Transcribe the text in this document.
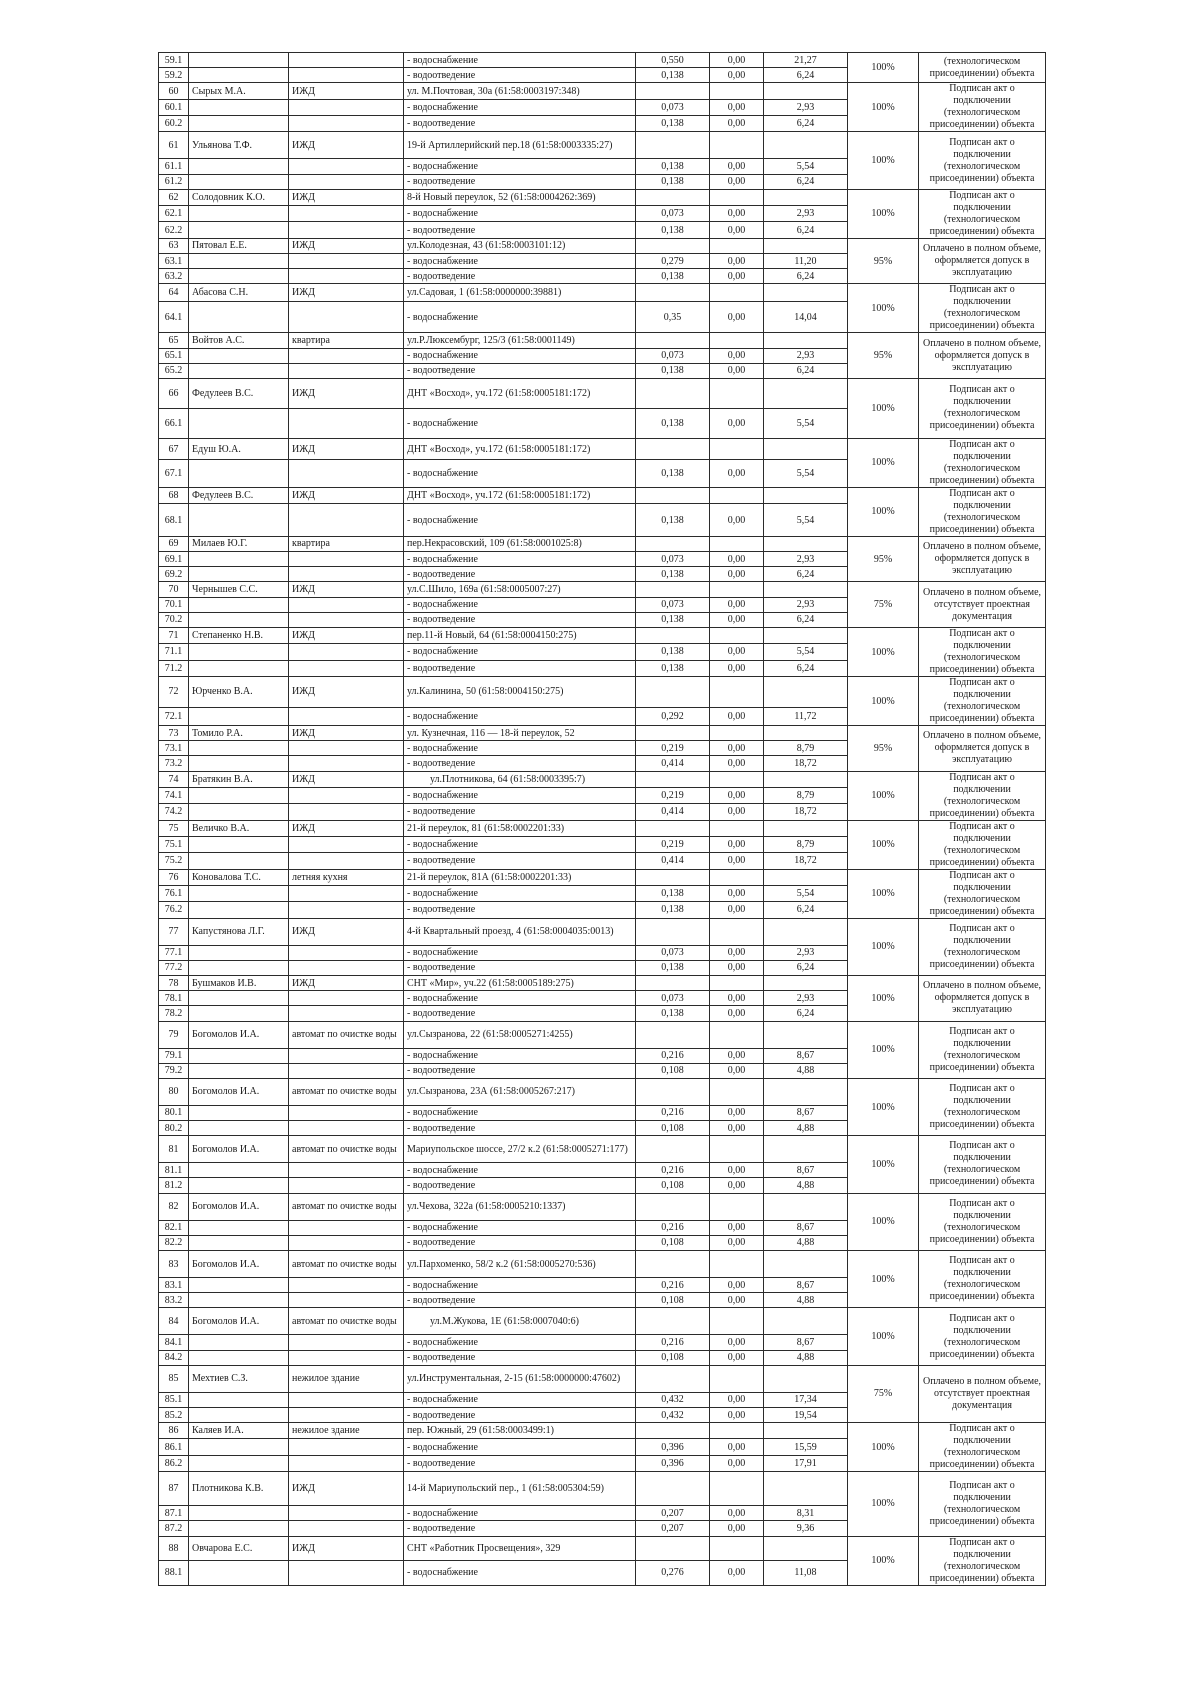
59.1			- водоснабжение	0,550	0,00	21,27	100%	(технологическом присоединении) объекта
59.2			- водоотведение	0,138	0,00	6,24		
60	Сырых М.А.	ИЖД	ул. М.Почтовая, 30а (61:58:0003197:348)				100%	Подписан акт о подключении (технологическом присоединении) объекта
60.1			- водоснабжение	0,073	0,00	2,93		
60.2			- водоотведение	0,138	0,00	6,24		
61	Ульянова Т.Ф.	ИЖД	19-й Артиллерийский пер.18 (61:58:0003335:27)				100%	Подписан акт о подключении (технологическом присоединении) объекта
61.1			- водоснабжение	0,138	0,00	5,54		
61.2			- водоотведение	0,138	0,00	6,24		
62	Солодовник К.О.	ИЖД	8-й Новый переулок, 52 (61:58:0004262:369)				100%	Подписан акт о подключении (технологическом присоединении) объекта
62.1			- водоснабжение	0,073	0,00	2,93		
62.2			- водоотведение	0,138	0,00	6,24		
63	Пятовал Е.Е.	ИЖД	ул.Колодезная, 43 (61:58:0003101:12)				95%	Оплачено в полном объеме, оформляется допуск в эксплуатацию
63.1			- водоснабжение	0,279	0,00	11,20		
63.2			- водоотведение	0,138	0,00	6,24		
64	Абасова С.Н.	ИЖД	ул.Садовая, 1 (61:58:0000000:39881)				100%	Подписан акт о подключении (технологическом присоединении) объекта
64.1			- водоснабжение	0,35	0,00	14,04		
65	Войтов А.С.	квартира	ул.Р.Люксембург, 125/3 (61:58:0001149)				95%	Оплачено в полном объеме, оформляется допуск в эксплуатацию
65.1			- водоснабжение	0,073	0,00	2,93		
65.2			- водоотведение	0,138	0,00	6,24		
66	Федулеев В.С.	ИЖД	ДНТ «Восход», уч.172 (61:58:0005181:172)				100%	Подписан акт о подключении (технологическом присоединении) объекта
66.1			- водоснабжение	0,138	0,00	5,54		
67	Едуш Ю.А.	ИЖД	ДНТ «Восход», уч.172 (61:58:0005181:172)				100%	Подписан акт о подключении (технологическом присоединении) объекта
67.1			- водоснабжение	0,138	0,00	5,54		
68	Федулеев В.С.	ИЖД	ДНТ «Восход», уч.172 (61:58:0005181:172)				100%	Подписан акт о подключении (технологическом присоединении) объекта
68.1			- водоснабжение	0,138	0,00	5,54		
69	Милаев Ю.Г.	квартира	пер.Некрасовский, 109 (61:58:0001025:8)				95%	Оплачено в полном объеме, оформляется допуск в эксплуатацию
69.1			- водоснабжение	0,073	0,00	2,93		
69.2			- водоотведение	0,138	0,00	6,24		
70	Чернышев С.С.	ИЖД	ул.С.Шило, 169а (61:58:0005007:27)				75%	Оплачено в полном объеме, отсутствует проектная документация
70.1			- водоснабжение	0,073	0,00	2,93		
70.2			- водоотведение	0,138	0,00	6,24		
71	Степаненко Н.В.	ИЖД	пер.11-й Новый, 64 (61:58:0004150:275)				100%	Подписан акт о подключении (технологическом присоединении) объекта
71.1			- водоснабжение	0,138	0,00	5,54		
71.2			- водоотведение	0,138	0,00	6,24		
72	Юрченко В.А.	ИЖД	ул.Калинина, 50 (61:58:0004150:275)				100%	Подписан акт о подключении (технологическом присоединении) объекта
72.1			- водоснабжение	0,292	0,00	11,72		
73	Томило Р.А.	ИЖД	ул. Кузнечная, 116 — 18-й переулок, 52				95%	Оплачено в полном объеме, оформляется допуск в эксплуатацию
73.1			- водоснабжение	0,219	0,00	8,79		
73.2			- водоотведение	0,414	0,00	18,72		
74	Братякин В.А.	ИЖД	ул.Плотникова, 64 (61:58:0003395:7)				100%	Подписан акт о подключении (технологическом присоединении) объекта
74.1			- водоснабжение	0,219	0,00	8,79		
74.2			- водоотведение	0,414	0,00	18,72		
75	Величко В.А.	ИЖД	21-й переулок, 81 (61:58:0002201:33)				100%	Подписан акт о подключении (технологическом присоединении) объекта
75.1			- водоснабжение	0,219	0,00	8,79		
75.2			- водоотведение	0,414	0,00	18,72		
76	Коновалова Т.С.	летняя кухня	21-й переулок, 81А (61:58:0002201:33)				100%	Подписан акт о подключении (технологическом присоединении) объекта
76.1			- водоснабжение	0,138	0,00	5,54		
76.2			- водоотведение	0,138	0,00	6,24		
77	Капустянова Л.Г.	ИЖД	4-й Квартальный проезд, 4 (61:58:0004035:0013)				100%	Подписан акт о подключении (технологическом присоединении) объекта
77.1			- водоснабжение	0,073	0,00	2,93		
77.2			- водоотведение	0,138	0,00	6,24		
78	Бушмаков И.В.	ИЖД	СНТ «Мир», уч.22 (61:58:0005189:275)				100%	Оплачено в полном объеме, оформляется допуск в эксплуатацию
78.1			- водоснабжение	0,073	0,00	2,93		
78.2			- водоотведение	0,138	0,00	6,24		
79	Богомолов И.А.	автомат по очистке воды	ул.Сызранова, 22 (61:58:0005271:4255)				100%	Подписан акт о подключении (технологическом присоединении) объекта
79.1			- водоснабжение	0,216	0,00	8,67		
79.2			- водоотведение	0,108	0,00	4,88		
80	Богомолов И.А.	автомат по очистке воды	ул.Сызранова, 23А (61:58:0005267:217)				100%	Подписан акт о подключении (технологическом присоединении) объекта
80.1			- водоснабжение	0,216	0,00	8,67		
80.2			- водоотведение	0,108	0,00	4,88		
81	Богомолов И.А.	автомат по очистке воды	Мариупольское шоссе, 27/2 к.2 (61:58:0005271:177)				100%	Подписан акт о подключении (технологическом присоединении) объекта
81.1			- водоснабжение	0,216	0,00	8,67		
81.2			- водоотведение	0,108	0,00	4,88		
82	Богомолов И.А.	автомат по очистке воды	ул.Чехова, 322а (61:58:0005210:1337)				100%	Подписан акт о подключении (технологическом присоединении) объекта
82.1			- водоснабжение	0,216	0,00	8,67		
82.2			- водоотведение	0,108	0,00	4,88		
83	Богомолов И.А.	автомат по очистке воды	ул.Пархоменко, 58/2 к.2 (61:58:0005270:536)				100%	Подписан акт о подключении (технологическом присоединении) объекта
83.1			- водоснабжение	0,216	0,00	8,67		
83.2			- водоотведение	0,108	0,00	4,88		
84	Богомолов И.А.	автомат по очистке воды	ул.М.Жукова, 1Е (61:58:0007040:6)				100%	Подписан акт о подключении (технологическом присоединении) объекта
84.1			- водоснабжение	0,216	0,00	8,67		
84.2			- водоотведение	0,108	0,00	4,88		
85	Мехтиев С.З.	нежилое здание	ул.Инструментальная, 2-15 (61:58:0000000:47602)				75%	Оплачено в полном объеме, отсутствует проектная документация
85.1			- водоснабжение	0,432	0,00	17,34		
85.2			- водоотведение	0,432	0,00	19,54		
86	Каляев И.А.	нежилое здание	пер. Южный, 29 (61:58:0003499:1)				100%	Подписан акт о подключении (технологическом присоединении) объекта
86.1			- водоснабжение	0,396	0,00	15,59		
86.2			- водоотведение	0,396	0,00	17,91		
87	Плотникова К.В.	ИЖД	14-й Мариупольский пер., 1 (61:58:005304:59)				100%	Подписан акт о подключении (технологическом присоединении) объекта
87.1			- водоснабжение	0,207	0,00	8,31		
87.2			- водоотведение	0,207	0,00	9,36		
88	Овчарова Е.С.	ИЖД	СНТ «Работник Просвещения», 329				100%	Подписан акт о подключении (технологическом присоединении) объекта
88.1			- водоснабжение	0,276	0,00	11,08		
